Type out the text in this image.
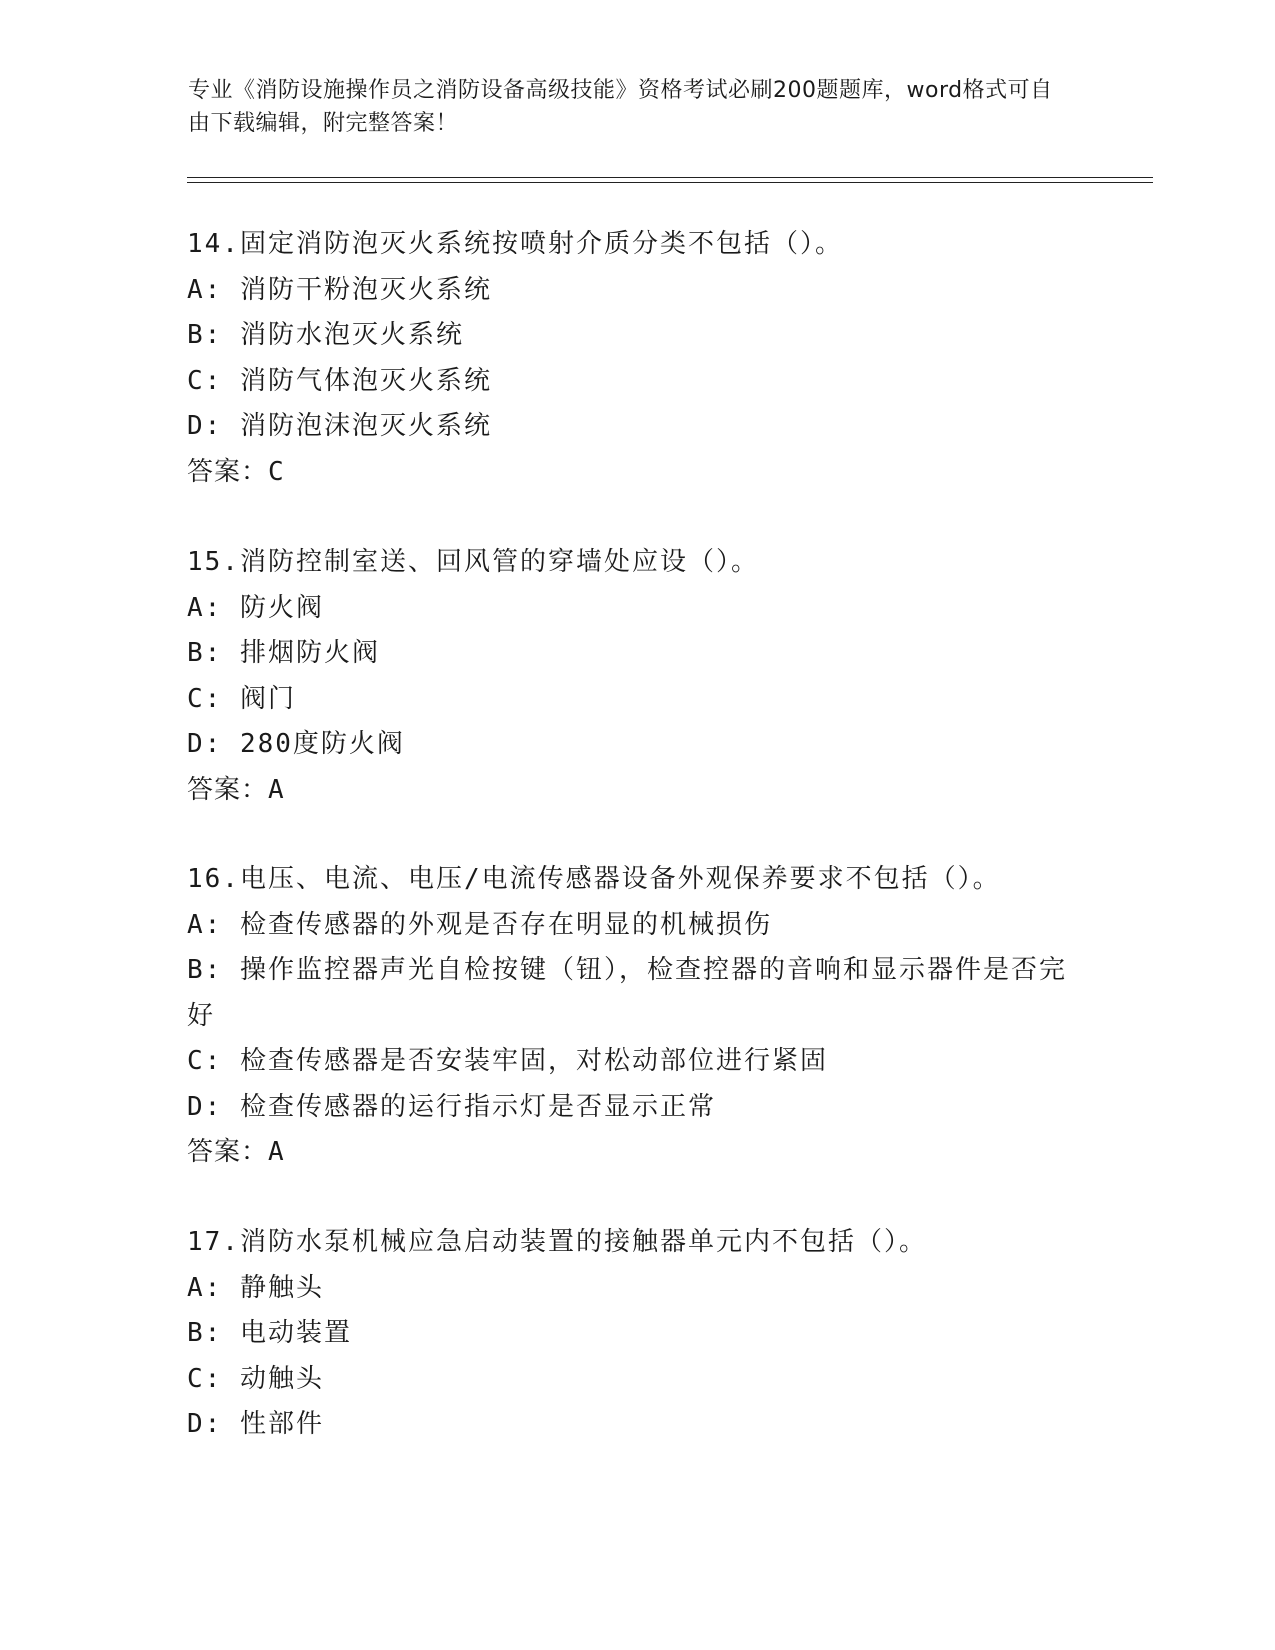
专业《消防设施操作员之消防设备高级技能》资格考试必刷200题题库，word格式可自由下载编辑，附完整答案！
14.固定消防泡灭火系统按喷射介质分类不包括（）。
A: 消防干粉泡灭火系统
B: 消防水泡灭火系统
C: 消防气体泡灭火系统
D: 消防泡沫泡灭火系统
答案：C
15.消防控制室送、回风管的穿墙处应设（）。
A: 防火阀
B: 排烟防火阀
C: 阀门
D: 280度防火阀
答案：A
16.电压、电流、电压/电流传感器设备外观保养要求不包括（）。
A: 检查传感器的外观是否存在明显的机械损伤
B: 操作监控器声光自检按键（钮），检查控器的音响和显示器件是否完好
C: 检查传感器是否安装牢固，对松动部位进行紧固
D: 检查传感器的运行指示灯是否显示正常
答案：A
17.消防水泵机械应急启动装置的接触器单元内不包括（）。
A: 静触头
B: 电动装置
C: 动触头
D: 性部件
